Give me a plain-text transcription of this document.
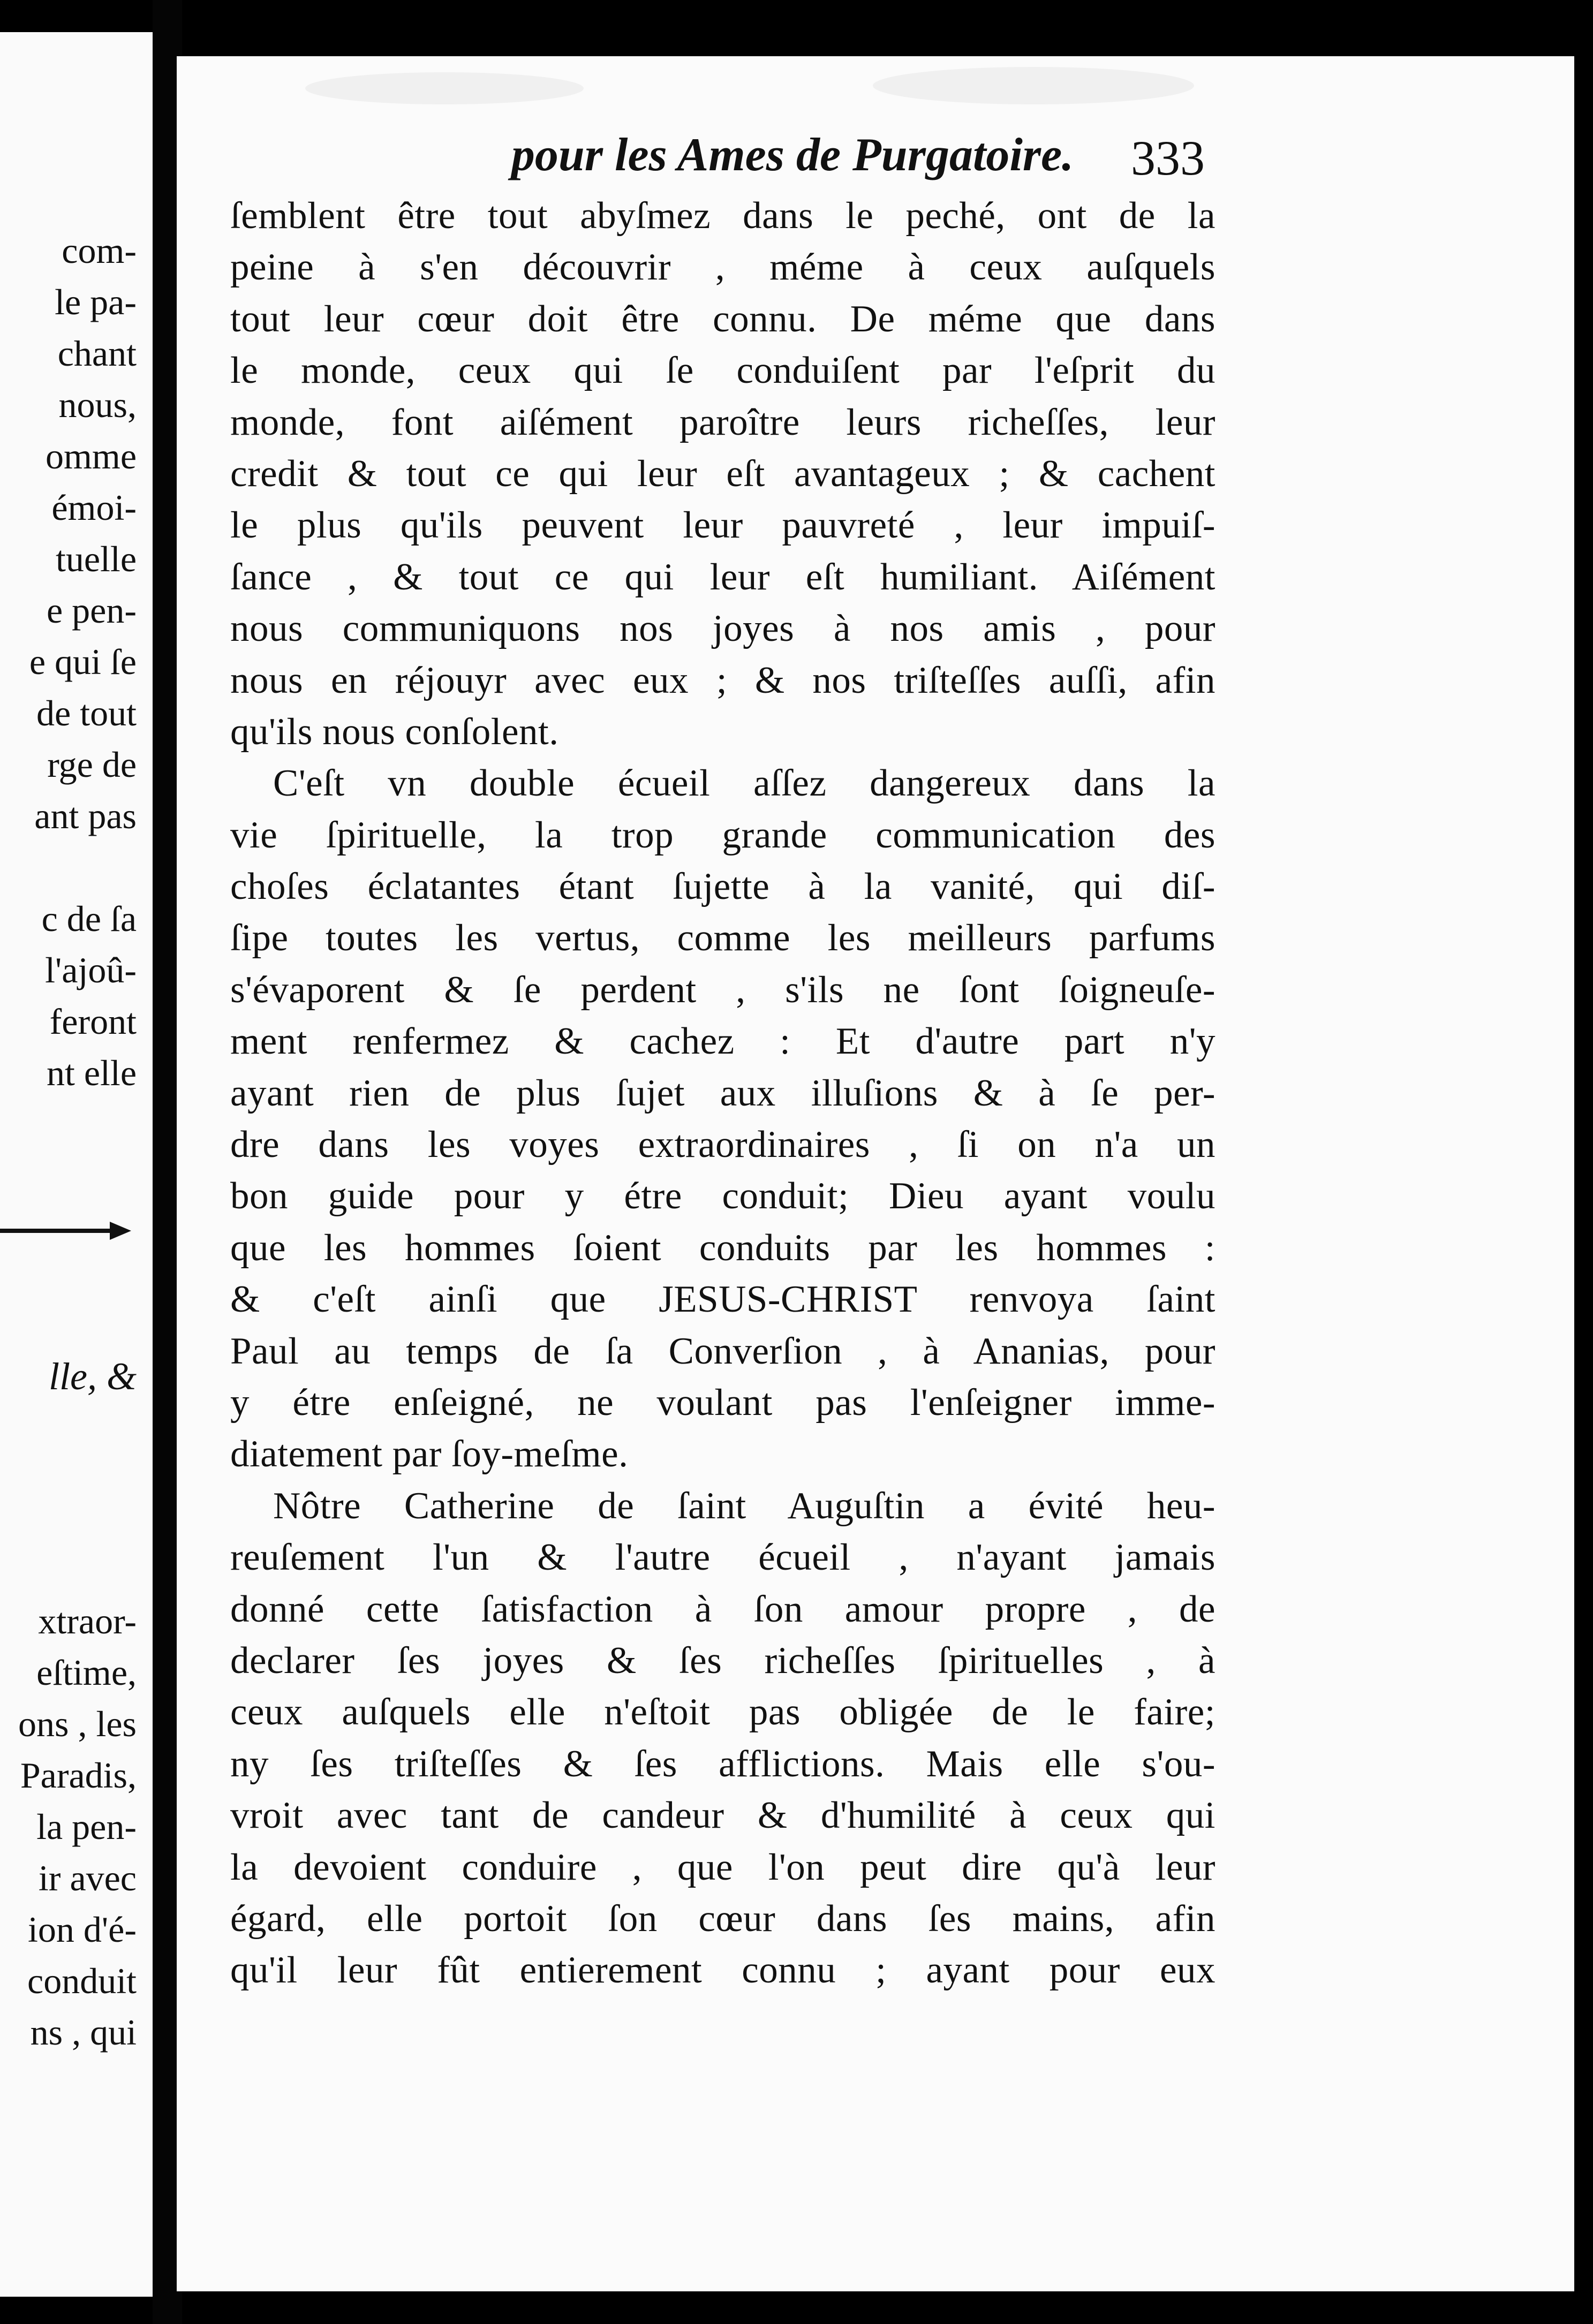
com-
le pa-
chant
nous,
omme
émoi-
tuelle
e pen-
e qui ſe
de tout
rge de
ant pas
c de ſa
l'ajoû-
feront
nt elle
lle, &
xtraor-
eſtime,
ons , les
Paradis,
la pen-
ir avec
ion d'é-
conduit
ns , qui
pour les Ames de Purgatoire.	333
ſemblent être tout abyſmez dans le peché, ont de la
peine à s'en découvrir , méme à ceux auſquels
tout leur cœur doit être connu. De méme que dans
le monde, ceux qui ſe conduiſent par l'eſprit du
monde, font aiſément paroître leurs richeſſes, leur
credit & tout ce qui leur eſt avantageux ; & cachent
le plus qu'ils peuvent leur pauvreté , leur impuiſ-
ſance , & tout ce qui leur eſt humiliant. Aiſément
nous communiquons nos joyes à nos amis , pour
nous en réjouyr avec eux ; & nos triſteſſes auſſi, afin
qu'ils nous conſolent.
C'eſt vn double écueil aſſez dangereux dans la
vie ſpirituelle, la trop grande communication des
choſes éclatantes étant ſujette à la vanité, qui diſ-
ſipe toutes les vertus, comme les meilleurs parfums
s'évaporent & ſe perdent , s'ils ne ſont ſoigneuſe-
ment renfermez & cachez : Et d'autre part n'y
ayant rien de plus ſujet aux illuſions & à ſe per-
dre dans les voyes extraordinaires , ſi on n'a un
bon guide pour y étre conduit; Dieu ayant voulu
que les hommes ſoient conduits par les hommes :
& c'eſt ainſi que JESUS-CHRIST renvoya ſaint
Paul au temps de ſa Converſion , à Ananias, pour
y étre enſeigné, ne voulant pas l'enſeigner imme-
diatement par ſoy-meſme.
Nôtre Catherine de ſaint Auguſtin a évité heu-
reuſement l'un & l'autre écueil , n'ayant jamais
donné cette ſatisfaction à ſon amour propre , de
declarer ſes joyes & ſes richeſſes ſpirituelles , à
ceux auſquels elle n'eſtoit pas obligée de le faire;
ny ſes triſteſſes & ſes afflictions. Mais elle s'ou-
vroit avec tant de candeur & d'humilité à ceux qui
la devoient conduire , que l'on peut dire qu'à leur
égard, elle portoit ſon cœur dans ſes mains, afin
qu'il leur fût entierement connu ; ayant pour eux
